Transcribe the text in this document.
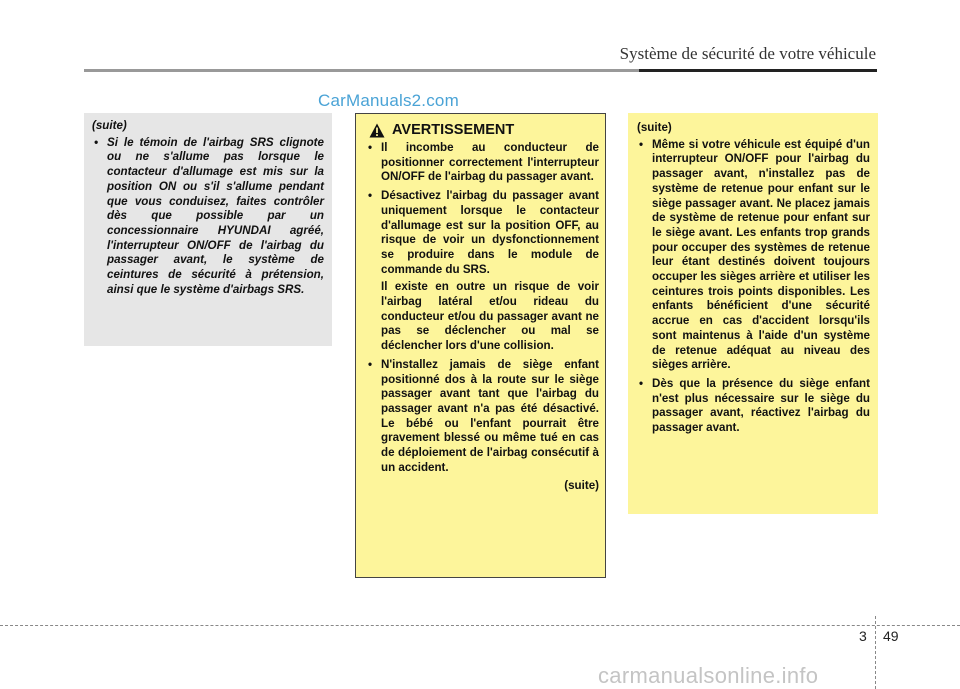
Système de sécurité de votre véhicule
CarManuals2.com
(suite)
• Si le témoin de l'airbag SRS clignote ou ne s'allume pas lorsque le contacteur d'allumage est mis sur la position ON ou s'il s'allume pendant que vous conduisez, faites contrôler dès que possible par un concessionnaire HYUNDAI agréé, l'interrupteur ON/OFF de l'airbag du passager avant, le système de ceintures de sécurité à prétension, ainsi que le système d'airbags SRS.
AVERTISSEMENT
• Il incombe au conducteur de positionner correctement l'interrupteur ON/OFF de l'airbag du passager avant.
• Désactivez l'airbag du passager avant uniquement lorsque le contacteur d'allumage est sur la position OFF, au risque de voir un dysfonctionnement se produire dans le module de commande du SRS.
Il existe en outre un risque de voir l'airbag latéral et/ou rideau du conducteur et/ou du passager avant ne pas se déclencher ou mal se déclencher lors d'une collision.
• N'installez jamais de siège enfant positionné dos à la route sur le siège passager avant tant que l'airbag du passager avant n'a pas été désactivé. Le bébé ou l'enfant pourrait être gravement blessé ou même tué en cas de déploiement de l'airbag consécutif à un accident.
(suite)
(suite)
• Même si votre véhicule est équipé d'un interrupteur ON/OFF pour l'airbag du passager avant, n'installez pas de système de retenue pour enfant sur le siège passager avant. Ne placez jamais de système de retenue pour enfant sur le siège avant. Les enfants trop grands pour occuper des systèmes de retenue leur étant destinés doivent toujours occuper les sièges arrière et utiliser les ceintures trois points disponibles. Les enfants bénéficient d'une sécurité accrue en cas d'accident lorsqu'ils sont maintenus à l'aide d'un système de retenue adéquat au niveau des sièges arrière.
• Dès que la présence du siège enfant n'est plus nécessaire sur le siège du passager avant, réactivez l'airbag du passager avant.
3 49
carmanualsonline.info
